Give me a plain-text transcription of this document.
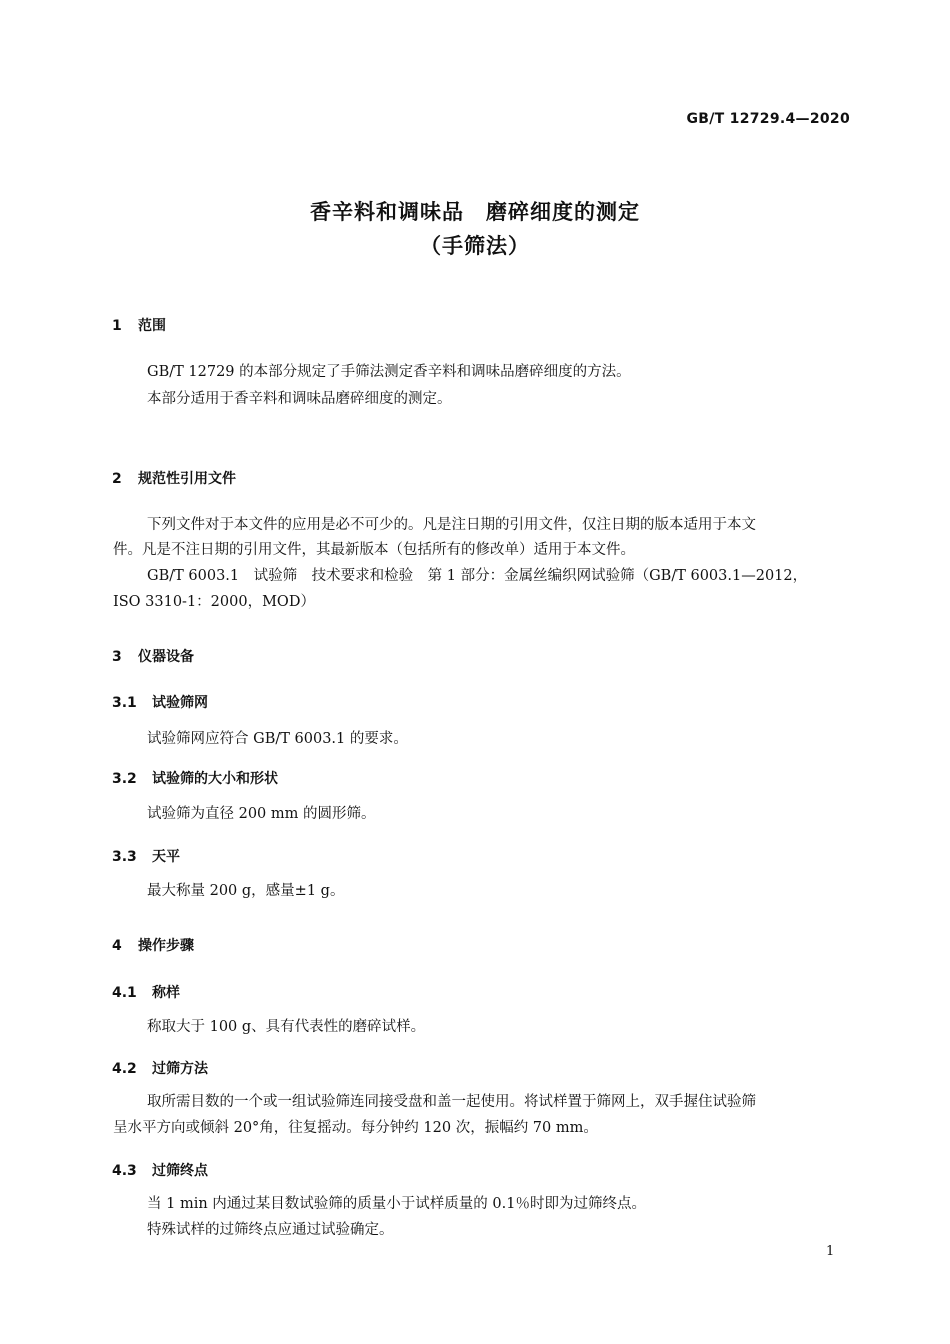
GB/T 12729.4—2020
香辛料和调味品　磨碎细度的测定
（手筛法）
1 范围
GB/T 12729 的本部分规定了手筛法测定香辛料和调味品磨碎细度的方法。
本部分适用于香辛料和调味品磨碎细度的测定。
2 规范性引用文件
下列文件对于本文件的应用是必不可少的。凡是注日期的引用文件，仅注日期的版本适用于本文
件。凡是不注日期的引用文件，其最新版本（包括所有的修改单）适用于本文件。
GB/T 6003.1　试验筛　技术要求和检验　第 1 部分：金属丝编织网试验筛（GB/T 6003.1—2012，
ISO 3310-1：2000，MOD）
3 仪器设备
3.1 试验筛网
试验筛网应符合 GB/T 6003.1 的要求。
3.2 试验筛的大小和形状
试验筛为直径 200 mm 的圆形筛。
3.3 天平
最大称量 200 g，感量±1 g。
4 操作步骤
4.1 称样
称取大于 100 g、具有代表性的磨碎试样。
4.2 过筛方法
取所需目数的一个或一组试验筛连同接受盘和盖一起使用。将试样置于筛网上，双手握住试验筛
呈水平方向或倾斜 20°角，往复摇动。每分钟约 120 次，振幅约 70 mm。
4.3 过筛终点
当 1 min 内通过某目数试验筛的质量小于试样质量的 0.1％时即为过筛终点。
特殊试样的过筛终点应通过试验确定。
1
